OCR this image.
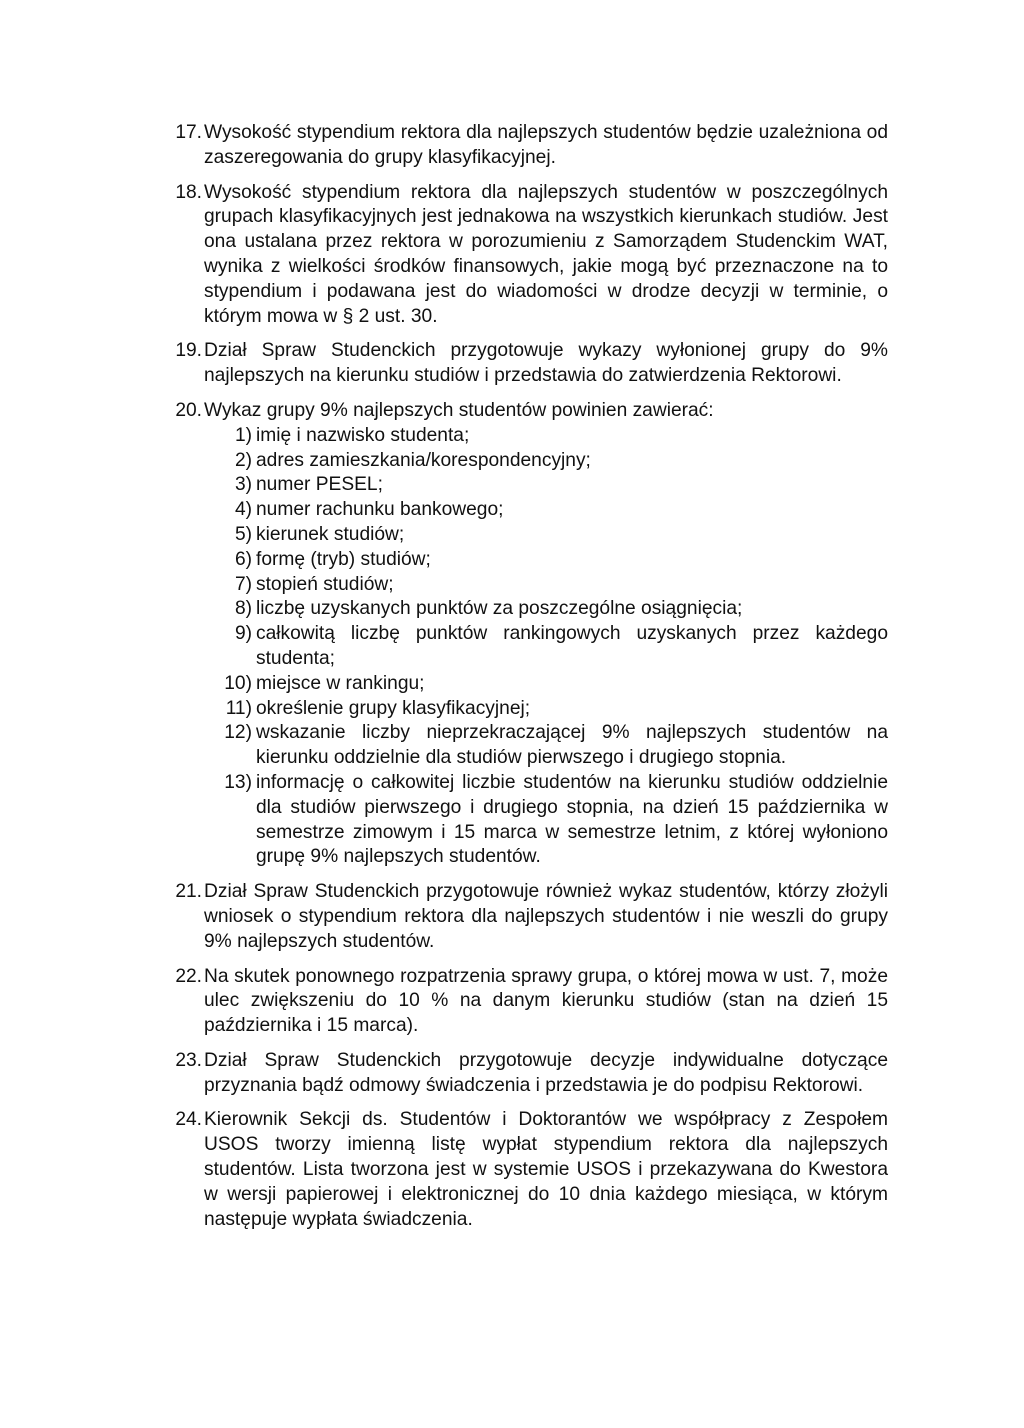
17. Wysokość stypendium rektora dla najlepszych studentów będzie uzależniona od zaszeregowania do grupy klasyfikacyjnej.
18. Wysokość stypendium rektora dla najlepszych studentów w poszczególnych grupach klasyfikacyjnych jest jednakowa na wszystkich kierunkach studiów. Jest ona ustalana przez rektora w porozumieniu z Samorządem Studenckim WAT, wynika z wielkości środków finansowych, jakie mogą być przeznaczone na to stypendium i podawana jest do wiadomości w drodze decyzji w terminie, o którym mowa w § 2 ust. 30.
19. Dział Spraw Studenckich przygotowuje wykazy wyłonionej grupy do 9% najlepszych na kierunku studiów i przedstawia do zatwierdzenia Rektorowi.
20. Wykaz grupy 9% najlepszych studentów powinien zawierać:
1) imię i nazwisko studenta;
2) adres zamieszkania/korespondencyjny;
3) numer PESEL;
4) numer rachunku bankowego;
5) kierunek studiów;
6) formę (tryb) studiów;
7) stopień studiów;
8) liczbę uzyskanych punktów za poszczególne osiągnięcia;
9) całkowitą liczbę punktów rankingowych uzyskanych przez każdego studenta;
10) miejsce w rankingu;
11) określenie grupy klasyfikacyjnej;
12) wskazanie liczby nieprzekraczającej 9% najlepszych studentów na kierunku oddzielnie dla studiów pierwszego i drugiego stopnia.
13) informację o całkowitej liczbie studentów na kierunku studiów oddzielnie dla studiów pierwszego i drugiego stopnia, na dzień 15 października w semestrze zimowym i 15 marca w semestrze letnim, z której wyłoniono grupę 9% najlepszych studentów.
21. Dział Spraw Studenckich przygotowuje również wykaz studentów, którzy złożyli wniosek o stypendium rektora dla najlepszych studentów i nie weszli do grupy 9% najlepszych studentów.
22. Na skutek ponownego rozpatrzenia sprawy grupa, o której mowa w ust. 7, może ulec zwiększeniu do 10 % na danym kierunku studiów (stan na dzień 15 października i 15 marca).
23. Dział Spraw Studenckich przygotowuje decyzje indywidualne dotyczące przyznania bądź odmowy świadczenia i przedstawia je do podpisu Rektorowi.
24. Kierownik Sekcji ds. Studentów i Doktorantów we współpracy z Zespołem USOS tworzy imienną listę wypłat stypendium rektora dla najlepszych studentów. Lista tworzona jest w systemie USOS i przekazywana do Kwestora w wersji papierowej i elektronicznej do 10 dnia każdego miesiąca, w którym następuje wypłata świadczenia.
